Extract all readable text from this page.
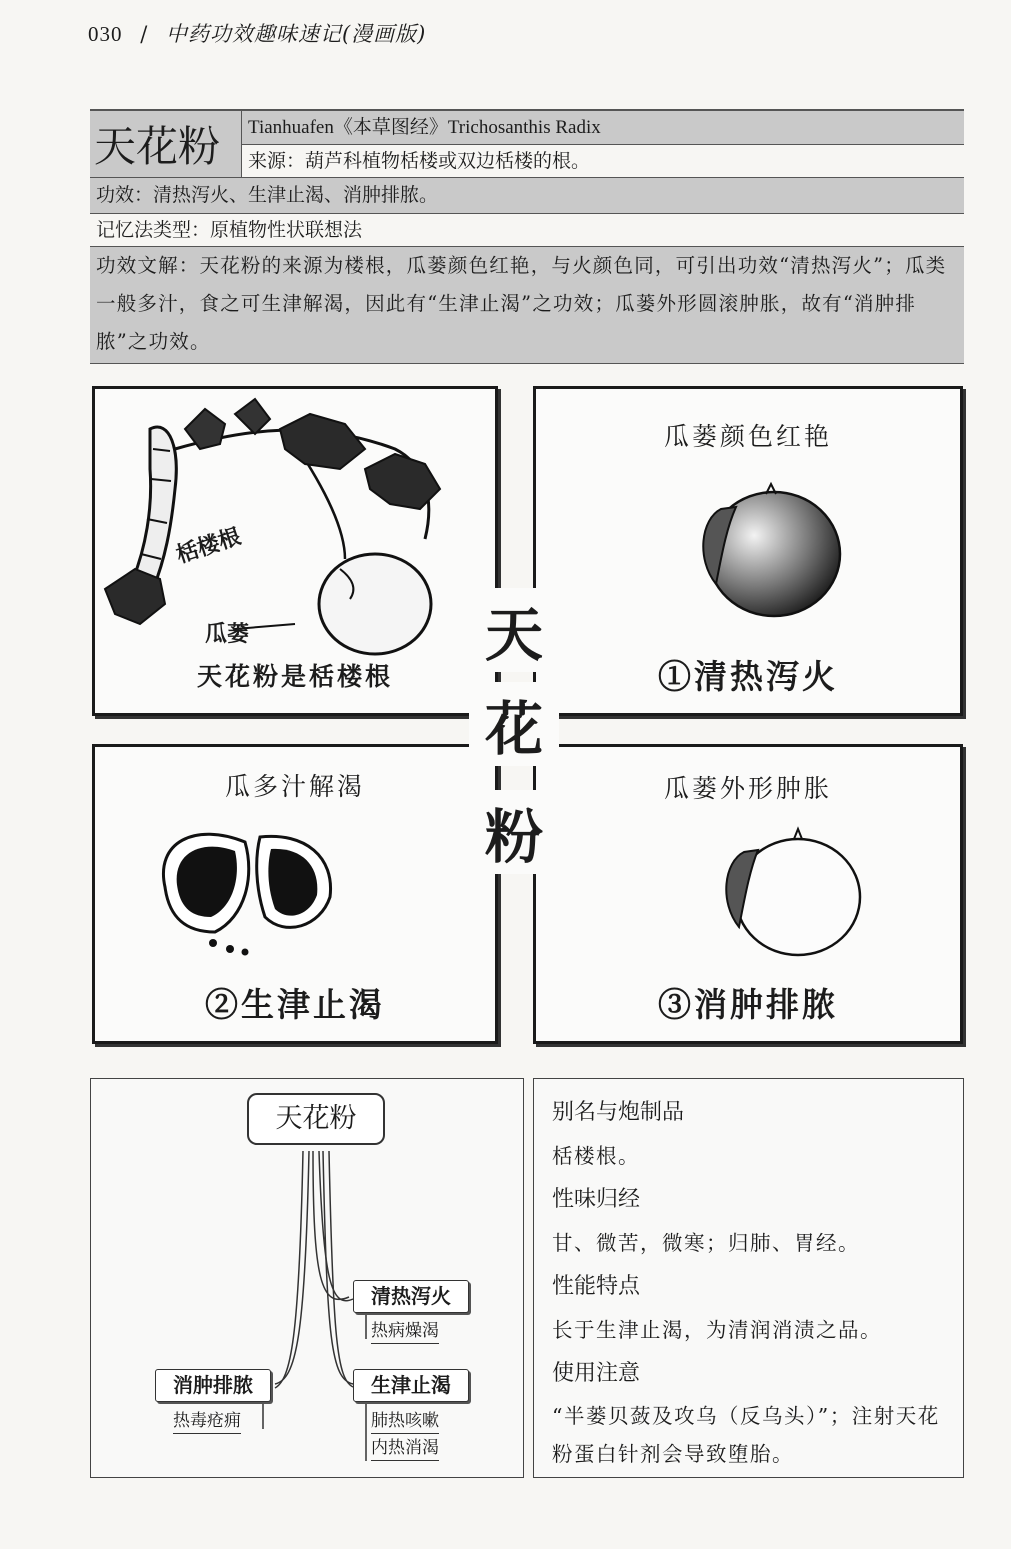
030 / 中药功效趣味速记(漫画版)
天花粉	Tianhuafen《本草图经》Trichosanthis Radix
来源：葫芦科植物栝楼或双边栝楼的根。
功效：清热泻火、生津止渴、消肿排脓。
记忆法类型：原植物性状联想法
功效文解：天花粉的来源为楼根，瓜蒌颜色红艳，与火颜色同，可引出功效“清热泻火”；瓜类一般多汁，食之可生津解渴，因此有“生津止渴”之功效；瓜蒌外形圆滚肿胀，故有“消肿排脓”之功效。
栝楼根
瓜蒌
天花粉是栝楼根
瓜蒌颜色红艳
①清热泻火
瓜多汁解渴
②生津止渴
瓜蒌外形肿胀
③消肿排脓
天
花
粉
天花粉
清热泻火
热病燥渴
生津止渴
肺热咳嗽
内热消渴
消肿排脓
热毒疮痈
别名与炮制品
栝楼根。
性味归经
甘、微苦，微寒；归肺、胃经。
性能特点
长于生津止渴，为清润消渍之品。
使用注意
“半蒌贝蔹及攻乌（反乌头）”；注射天花粉蛋白针剂会导致堕胎。
